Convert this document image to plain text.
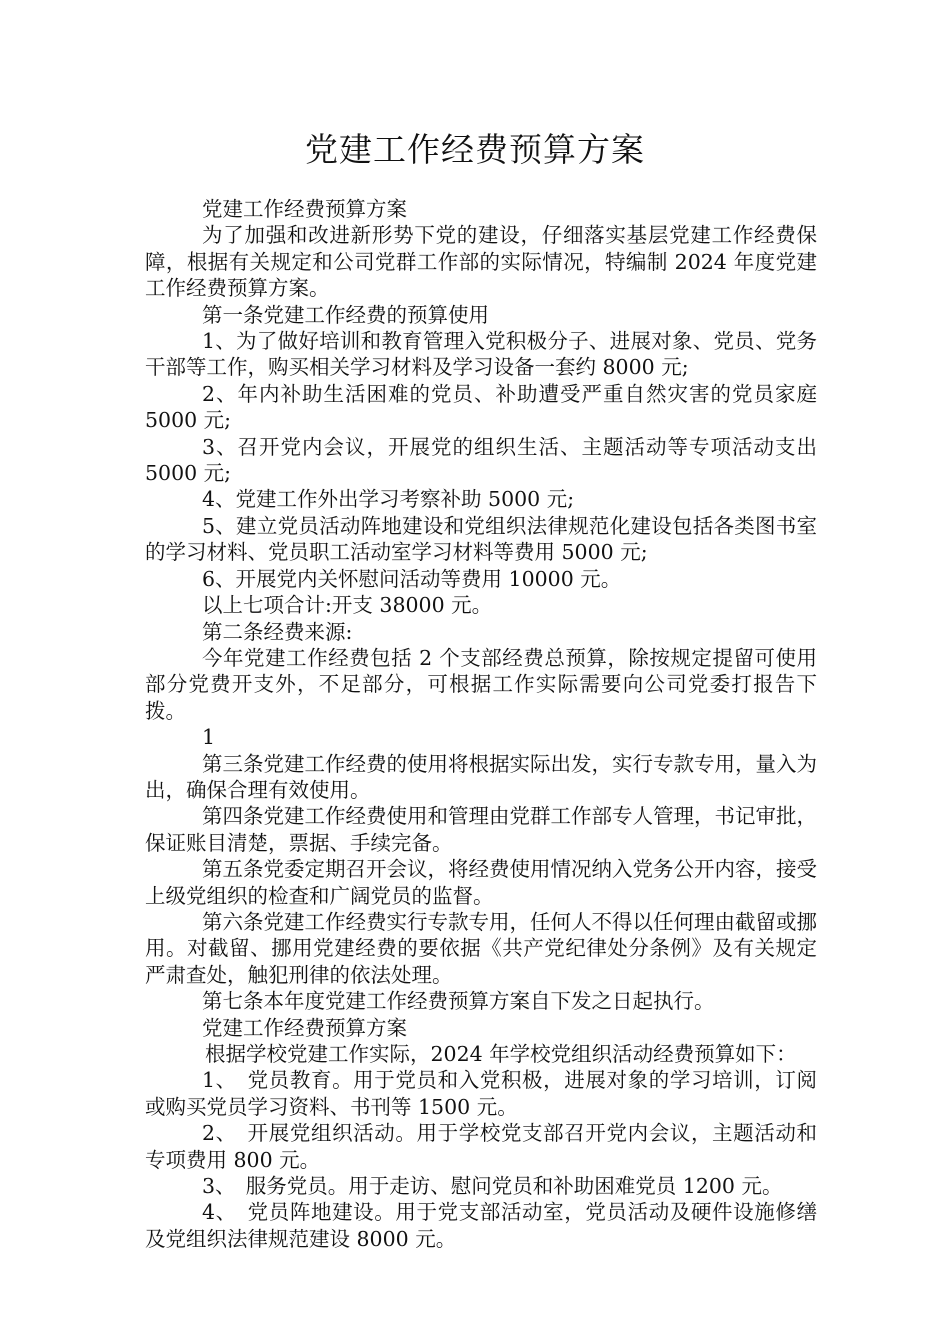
党建工作经费预算方案

党建工作经费预算方案

为了加强和改进新形势下党的建设，仔细落实基层党建工作经费保障，根据有关规定和公司党群工作部的实际情况，特编制 2024 年度党建工作经费预算方案。

第一条党建工作经费的预算使用

1、为了做好培训和教育管理入党积极分子、进展对象、党员、党务干部等工作，购买相关学习材料及学习设备一套约 8000 元;

2、年内补助生活困难的党员、补助遭受严重自然灾害的党员家庭 5000 元;

3、召开党内会议，开展党的组织生活、主题活动等专项活动支出 5000 元;

4、党建工作外出学习考察补助 5000 元;

5、建立党员活动阵地建设和党组织法律规范化建设包括各类图书室的学习材料、党员职工活动室学习材料等费用 5000 元;

6、开展党内关怀慰问活动等费用 10000 元。

以上七项合计:开支 38000 元。

第二条经费来源:

今年党建工作经费包括 2 个支部经费总预算，除按规定提留可使用部分党费开支外，不足部分，可根据工作实际需要向公司党委打报告下拨。

1

第三条党建工作经费的使用将根据实际出发，实行专款专用，量入为出，确保合理有效使用。

第四条党建工作经费使用和管理由党群工作部专人管理，书记审批，保证账目清楚，票据、手续完备。

第五条党委定期召开会议，将经费使用情况纳入党务公开内容，接受上级党组织的检查和广阔党员的监督。

第六条党建工作经费实行专款专用，任何人不得以任何理由截留或挪用。对截留、挪用党建经费的要依据《共产党纪律处分条例》及有关规定严肃查处，触犯刑律的依法处理。

第七条本年度党建工作经费预算方案自下发之日起执行。

党建工作经费预算方案

根据学校党建工作实际，2024 年学校党组织活动经费预算如下：

1、　党员教育。用于党员和入党积极，进展对象的学习培训，订阅或购买党员学习资料、书刊等 1500 元。

2、　开展党组织活动。用于学校党支部召开党内会议，主题活动和专项费用 800 元。

3、　服务党员。用于走访、慰问党员和补助困难党员 1200 元。

4、　党员阵地建设。用于党支部活动室，党员活动及硬件设施修缮及党组织法律规范建设 8000 元。
